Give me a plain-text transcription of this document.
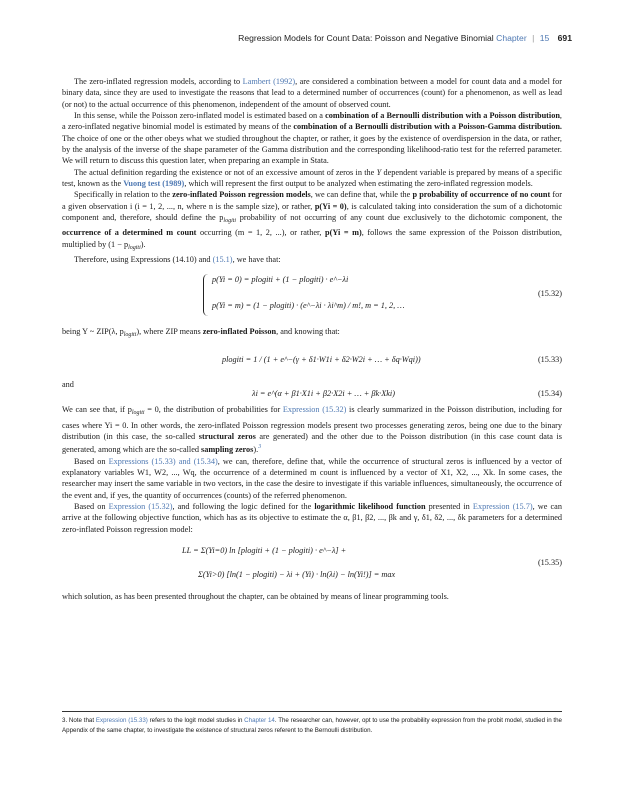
Regression Models for Count Data: Poisson and Negative Binomial Chapter | 15 691

The zero-inflated regression models, according to Lambert (1992), are considered a combination between a model for count data and a model for binary data, since they are used to investigate the reasons that lead to a determined number of occurrences (count) for a phenomenon, as well as lead (or not) to the actual occurrence of this phenomenon, independent of the amount of observed count.

In this sense, while the Poisson zero-inflated model is estimated based on a combination of a Bernoulli distribution with a Poisson distribution, a zero-inflated negative binomial model is estimated by means of the combination of a Bernoulli distribution with a Poisson-Gamma distribution. The choice of one or the other obeys what we studied throughout the chapter, or rather, it goes by the existence of overdispersion in the data, or rather, by the analysis of the inverse of the shape parameter of the Gamma distribution and the corresponding likelihood-ratio test for the referred parameter. We will return to discuss this question later, when preparing an example in Stata.

The actual definition regarding the existence or not of an excessive amount of zeros in the Y dependent variable is prepared by means of a specific test, known as the Vuong test (1989), which will represent the first output to be analyzed when estimating the zero-inflated regression models.

Specifically in relation to the zero-inflated Poisson regression models, we can define that, while the p probability of occurrence of no count for a given observation i (i = 1, 2, ..., n, where n is the sample size), or rather, p(Yi = 0), is calculated taking into consideration the sum of a dichotomic component and, therefore, should define the $p_{logiti}$ probability of not occurring of any count due exclusively to the dichotomic component, the occurrence of a determined m count occurring (m = 1, 2, ...), or rather, p(Yi = m), follows the same expression of the Poisson distribution, multiplied by $(1 - p_{logiti})$.

Therefore, using Expressions (14.10) and (15.1), we have that:

p(Yi = 0) = plogiti + (1 − plogiti) · e^−λi
p(Yi = m) = (1 − plogiti) · (e^−λi · λi^m) / m!, m = 1, 2, …
(15.32)

being Y ~ ZIP(λ, $p_{logiti}$), where ZIP means zero-inflated Poisson, and knowing that:

plogiti = 1 / (1 + e^−(γ + δ1·W1i + δ2·W2i + … + δq·Wqi))	(15.33)
and
λi = e^(α + β1·X1i + β2·X2i + … + βk·Xki)	(15.34)

We can see that, if $p_{logiti} = 0$, the distribution of probabilities for Expression (15.32) is clearly summarized in the Poisson distribution, including for cases where Yi = 0. In other words, the zero-inflated Poisson regression models present two processes generating zeros, being one due to the binary distribution (in this case, the so-called structural zeros are generated) and the other due to the Poisson distribution (in this case count data is generated, among which are the so-called sampling zeros).$^3$

Based on Expressions (15.33) and (15.34), we can, therefore, define that, while the occurrence of structural zeros is influenced by a vector of explanatory variables W1, W2, ..., Wq, the occurrence of a determined m count is influenced by a vector of X1, X2, ..., Xk. In some cases, the researcher may insert the same variable in two vectors, in the case the desire to investigate if this variable influences, simultaneously, the occurrence of the event and, if yes, the quantity of occurrences (counts) of the referred phenomenon.

Based on Expression (15.32), and following the logic defined for the logarithmic likelihood function presented in Expression (15.7), we can arrive at the following objective function, which has as its objective to estimate the α, β1, β2, ..., βk and γ, δ1, δ2, ..., δk parameters for a determined zero-inflated Poisson regression model:

LL = Σ(Yi=0) ln [plogiti + (1 − plogiti) · e^−λ] +
Σ(Yi>0) [ln(1 − plogiti) − λi + (Yi) · ln(λi) − ln(Yi!)] = max
(15.35)

which solution, as has been presented throughout the chapter, can be obtained by means of linear programming tools.

3. Note that Expression (15.33) refers to the logit model studies in Chapter 14. The researcher can, however, opt to use the probability expression from the probit model, studied in the Appendix of the same chapter, to investigate the existence of structural zeros referent to the Bernoulli distribution.
